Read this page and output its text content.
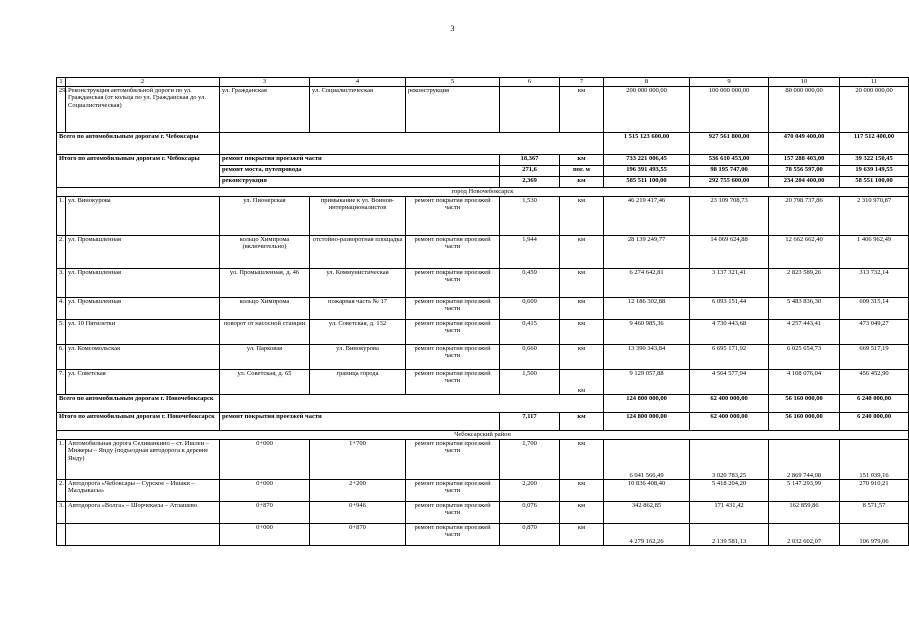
3
1	2	3	4	5	6	7	8	9	10	11
29.	Реконструкция автомобильной дороги по ул. Гражданская (от кольца по ул. Гражданская до ул. Социалистическая)	ул. Гражданская	ул. Социалистическая	реконструкция		км	200 000 000,00	100 000 000,00	80 000 000,00	20 000 000,00
Всего по автомобильным дорогам г. Чебоксары							1 515 123 600,00	927 561 800,00	470 049 400,00	117 512 400,00
Итого по автомобильным дорогам г. Чебоксары		ремонт покрытия проезжей части			18,367	км	733 221 006,45	536 610 453,00	157 288 403,00	39 322 150,45
		ремонт моста, путепровода			271,6	пог. м	196 391 493,55	98 195 747,00	78 556 597,00	19 639 149,55
		реконструкция			2,369	км	585 511 100,00	292 755 600,00	234 204 400,00	58 551 100,00
город Новочебоксарск										
1.	ул. Винокурова	ул. Пионерская	примыкание к ул. Воинов-интернационалистов	ремонт покрытия проезжей части	1,530	км	46 219 417,46	23 109 708,73	20 798 737,86	2 310 970,87
2.	ул. Промышленная	кольцо Химпрома (включительно)	отстойно-разворотная площадка	ремонт покрытия проезжей части	1,944	км	28 139 249,77	14 069 624,88	12 662 662,40	1 406 962,49
3.	ул. Промышленная	ул. Промышленная, д. 46	ул. Коммунистическая	ремонт покрытия проезжей части	0,459	км	6 274 642,81	3 137 321,41	2 823 589,26	313 732,14
4.	ул. Промышленная	кольцо Химпрома	пожарная часть № 17	ремонт покрытия проезжей части	0,609	км	12 186 302,88	6 093 151,44	5 483 836,30	609 315,14
5.	ул. 10 Пятилетки	поворот от насосной станции	ул. Советская, д. 132	ремонт покрытия проезжей части	0,415	км	9 460 985,36	4 730 443,68	4 257 443,41	473 049,27
6.	ул. Комсомольская	ул. Парковая	ул. Винокурова	ремонт покрытия проезжей части	0,660	км	13 390 343,84	6 695 171,92	6 025 654,73	669 517,19
7.	ул. Советская	ул. Советская, д. 65	граница города	ремонт покрытия проезжей части	1,500	км	9 129 057,88	4 564 577,94	4 108 076,04	456 452,90
Всего по автомобильным дорогам г. Новочебоксарск							124 800 000,00	62 400 000,00	56 160 000,00	6 240 000,00
Итого по автомобильным дорогам г. Новочебоксарск		ремонт покрытия проезжей части			7,117	км	124 800 000,00	62 400 000,00	56 160 000,00	6 240 000,00
Чебоксарский район										
1.	Автомобильная дорога Селиванкино – ст. Ишлеи – Мижеры – Янду (подъездная автодорога к деревне Янду)	0+000	1+700	ремонт покрытия проезжей части	1,700	км	6 041 566,49	3 020 783,25	2 869 744,08	151 039,16
2.	Автодорога «Чебоксары – Сурское – Ишаки – Малдыкасы»	0+000	2+200	ремонт покрытия проезжей части	2,200	км	10 836 408,40	5 418 204,20	5 147 293,99	270 910,21
3.	Автодорога «Волга» – Шорчекасы – Атлашево	0+870	0+946	ремонт покрытия проезжей части	0,076	км	342 862,85	171 431,42	162 859,86	8 571,57
		0+000	0+870	ремонт покрытия проезжей части	0,870	км	4 279 162,26	2 139 581,13	2 032 602,07	106 979,06
